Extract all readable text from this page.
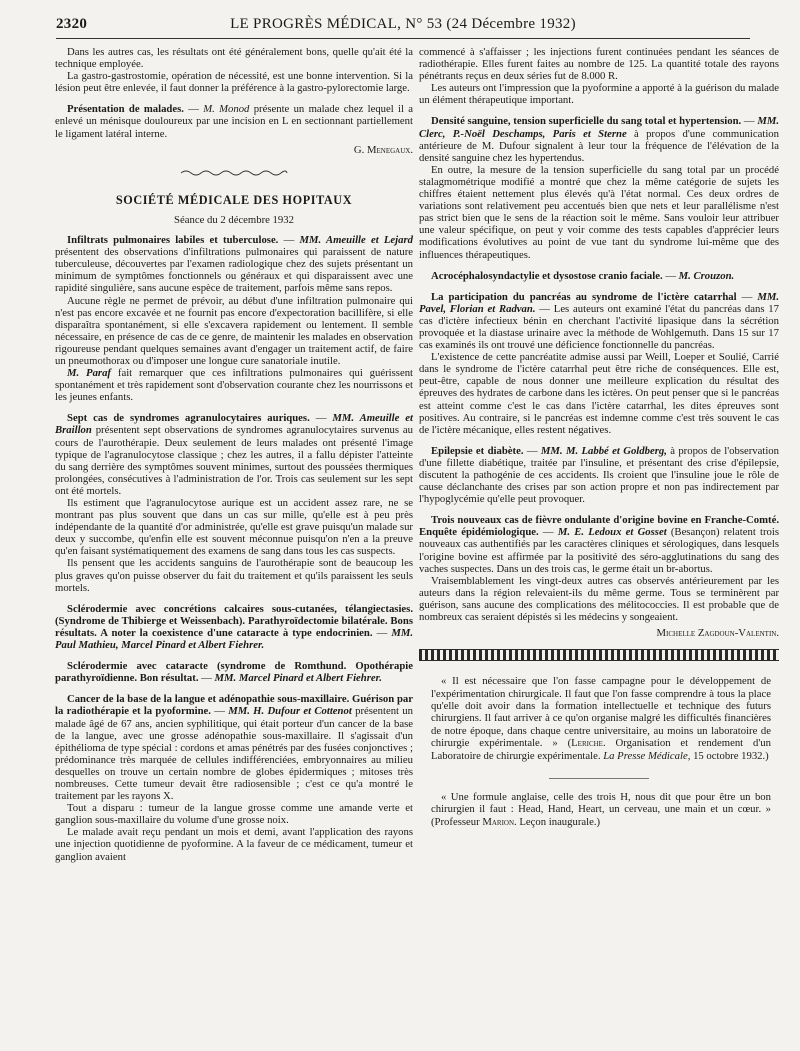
2320	LE PROGRÈS MÉDICAL, N° 53 (24 Décembre 1932)

Dans les autres cas, les résultats ont été généralement bons, quelle qu'ait été la technique employée.

La gastro-gastrostomie, opération de nécessité, est une bonne intervention. Si la lésion peut être enlevée, il faut donner la préférence à la gastro-pylorectomie large.

Présentation de malades. — M. Monod présente un malade chez lequel il a enlevé un ménisque douloureux par une incision en L en sectionnant partiellement le ligament latéral interne.

G. Menegaux.
SOCIÉTÉ MÉDICALE DES HOPITAUX
Séance du 2 décembre 1932

Infiltrats pulmonaires labiles et tuberculose. — MM. Ameuille et Lejard présentent des observations d'infiltrations pulmonaires qui paraissent de nature tuberculeuse, découvertes par l'examen radiologique chez des sujets présentant un minimum de symptômes fonctionnels ou généraux et qui disparaissent avec une rapidité singulière, sans aucune espèce de traitement, parfois même sans repos.

Aucune règle ne permet de prévoir, au début d'une infiltration pulmonaire qui n'est pas encore excavée et ne fournit pas encore d'expectoration bacillifère, si elle disparaîtra spontanément, si elle s'excavera rapidement ou lentement. Il semble nécessaire, en présence de cas de ce genre, de maintenir les malades en observation rigoureuse pendant quelques semaines avant d'engager un traitement actif, de faire un pneumothorax ou d'imposer une longue cure sanatoriale inutile.

M. Paraf fait remarquer que ces infiltrations pulmonaires qui guérissent spontanément et très rapidement sont d'observation courante chez les nourrissons et les jeunes enfants.

Sept cas de syndromes agranulocytaires auriques. — MM. Ameuille et Braillon présentent sept observations de syndromes agranulocytaires survenus au cours de l'aurothérapie. Deux seulement de leurs malades ont présenté l'image typique de l'agranulocytose classique ; chez les autres, il a fallu dépister l'atteinte du sang derrière des symptômes souvent minimes, surtout des poussées thermiques prolongées, consécutives à l'administration de l'or. Trois cas seulement sur les sept ont été mortels.

Ils estiment que l'agranulocytose aurique est un accident assez rare, ne se montrant pas plus souvent que dans un cas sur mille, qu'elle est à peu près indépendante de la quantité d'or administrée, qu'elle est grave puisqu'un malade sur deux y succombe, qu'enfin elle est souvent méconnue puisqu'on n'en a la preuve qu'en faisant systématiquement des examens de sang dans tous les cas suspects.

Ils pensent que les accidents sanguins de l'aurothérapie sont de beaucoup les plus graves qu'on puisse observer du fait du traitement et qu'ils paraissent les seuls mortels.

Sclérodermie avec concrétions calcaires sous-cutanées, télangiectasies. (Syndrome de Thibierge et Weissenbach). Parathyroïdectomie bilatérale. Bons résultats. A noter la coexistence d'une cataracte à type endocrinien. — MM. Paul Mathieu, Marcel Pinard et Albert Fiehrer.

Sclérodermie avec cataracte (syndrome de Romthund. Opothérapie parathyroïdienne. Bon résultat. — MM. Marcel Pinard et Albert Fiehrer.

Cancer de la base de la langue et adénopathie sous-maxillaire. Guérison par la radiothérapie et la pyoformine. — MM. H. Dufour et Cottenot présentent un malade âgé de 67 ans, ancien syphilitique, qui était porteur d'un cancer de la base de la langue, avec une grosse adénopathie sous-maxillaire. Il s'agissait d'un épithélioma de type spécial : cordons et amas pénétrés par des fusées conjonctives ; prédominance très marquée de cellules indifférenciées, embryonnaires au milieu desquelles on trouve un certain nombre de globes épidermiques ; mitoses très nombreuses. Cette tumeur devait être radiosensible ; c'est ce qu'a montré le traitement par les rayons X.

Tout a disparu : tumeur de la langue grosse comme une amande verte et ganglion sous-maxillaire du volume d'une grosse noix.

Le malade avait reçu pendant un mois et demi, avant l'application des rayons une injection quotidienne de pyoformine. A la faveur de ce médicament, tumeur et ganglion avaient

commencé à s'affaisser ; les injections furent continuées pendant les séances de radiothérapie. Elles furent faites au nombre de 125. La quantité totale des rayons pénétrants reçus en deux séries fut de 8.000 R.

Les auteurs ont l'impression que la pyoformine a apporté à la guérison du malade un élément thérapeutique important.

Densité sanguine, tension superficielle du sang total et hypertension. — MM. Clerc, P.-Noël Deschamps, Paris et Sterne à propos d'une communication antérieure de M. Dufour signalent à leur tour la fréquence de l'élévation de la densité sanguine chez les hypertendus.

En outre, la mesure de la tension superficielle du sang total par un procédé stalagmométrique modifié a montré que chez la même catégorie de sujets les chiffres étaient nettement plus élevés qu'à l'état normal. Ces deux ordres de variations sont relativement peu accentués bien que nets et leur parallélisme n'est pas strict bien que le sens de la réaction soit le même. Sans vouloir leur attribuer une valeur spécifique, on peut y voir comme des tests capables d'apprécier leurs modifications évolutives au point de vue tant du syndrome lui-même que des influences thérapeutiques.

Acrocéphalosyndactylie et dysostose cranio faciale. — M. Crouzon.

La participation du pancréas au syndrome de l'ictère catarrhal — MM. Pavel, Florian et Radvan. — Les auteurs ont examiné l'état du pancréas dans 17 cas d'ictère infectieux bénin en cherchant l'activité lipasique dans la sécrétion provoquée et la diastase urinaire avec la méthode de Wohlgemuth. Dans 15 sur 17 cas examinés ils ont trouvé une déficience fonctionnelle du pancréas.

L'existence de cette pancréatite admise aussi par Weill, Loeper et Soulié, Carrié dans le syndrome de l'ictère catarrhal peut être riche de conséquences. Elle est, peut-être, capable de nous donner une meilleure explication du résultat des épreuves des hydrates de carbone dans les ictères. On peut penser que si le pancréas est atteint comme c'est le cas dans l'ictère catarrhal, les dites épreuves sont positives. Au contraire, si le pancréas est indemne comme c'est très souvent le cas de l'ictère mécanique, elles restent négatives.

Epilepsie et diabète. — MM. M. Labbé et Goldberg, à propos de l'observation d'une fillette diabétique, traitée par l'insuline, et présentant des crise d'épilepsie, discutent la pathogénie de ces accidents. Ils croient que l'insuline joue le rôle de cause déclanchante des crises par son action propre et non pas indirectement par l'hypoglycémie qu'elle peut provoquer.

Trois nouveaux cas de fièvre ondulante d'origine bovine en Franche-Comté. Enquête épidémiologique. — M. E. Ledoux et Gosset (Besançon) relatent trois nouveaux cas authentifiés par les caractères cliniques et sérologiques, dans lesquels l'origine bovine est affirmée par la positivité des séro-agglutinations du sang des vaches suspectes. Dans un des trois cas, le germe était un br-abortus.

Vraisemblablement les vingt-deux autres cas observés antérieurement par les auteurs dans la région relevaient-ils du même germe. Tous se terminèrent par guérison, sans aucune des complications des mélitococcies. Il est probable que de nombreux cas seraient dépistés si les médecins y songeaient.

Michelle Zagdoun-Valentin.

« Il est nécessaire que l'on fasse campagne pour le développement de l'expérimentation chirurgicale. Il faut que l'on fasse comprendre à tous la place qu'elle doit avoir dans la formation intellectuelle et technique des futurs chirurgiens. Il faut arriver à ce qu'on organise malgré les difficultés financières de notre époque, dans chaque centre universitaire, au moins un laboratoire de chirurgie expérimentale. » (Leriche. Organisation et rendement d'un Laboratoire de chirurgie expérimentale. La Presse Médicale, 15 octobre 1932.)

« Une formule anglaise, celle des trois H, nous dit que pour être un bon chirurgien il faut : Head, Hand, Heart, un cerveau, une main et un cœur. » (Professeur Marion. Leçon inaugurale.)
